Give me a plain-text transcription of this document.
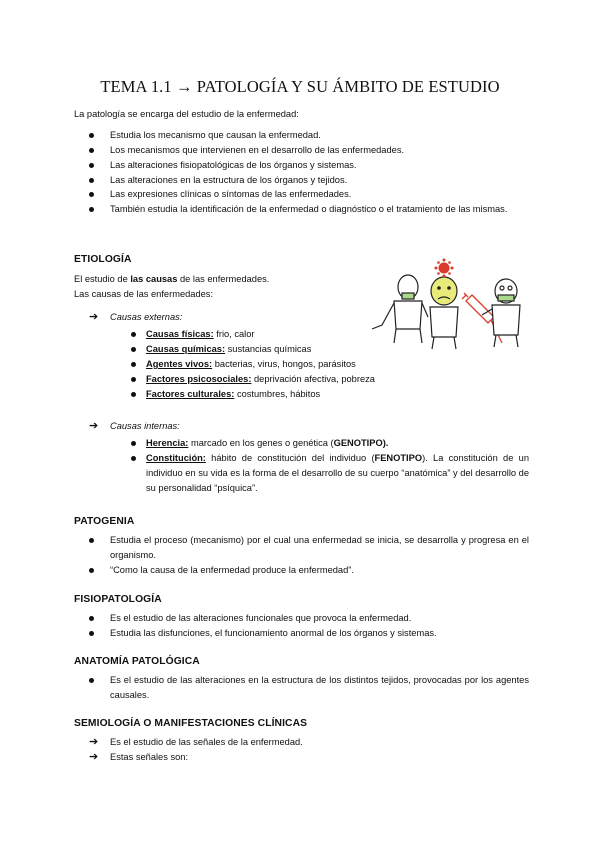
TEMA 1.1 → PATOLOGÍA Y SU ÁMBITO DE ESTUDIO

La patología se encarga del estudio de la enfermedad:

Estudia los mecanismo que causan la enfermedad.
Los mecanismos que intervienen en el desarrollo de las enfermedades.
Las alteraciones fisiopatológicas de los órganos y sistemas.
Las alteraciones en la estructura de los órganos y tejidos.
Las expresiones clínicas o síntomas de las enfermedades.
También estudia la identificación de la enfermedad o diagnóstico o el tratamiento de las mismas.
ETIOLOGÍA

El estudio de las causas de las enfermedades.

Las causas de las enfermedades:

➔ Causas externas:
Causas físicas: frio, calor
Causas químicas: sustancias químicas
Agentes vivos: bacterias, virus, hongos, parásitos
Factores psicosociales: deprivación afectiva, pobreza
Factores culturales: costumbres, hábitos
➔ Causas internas:
Herencia: marcado en los genes o genética (GENOTIPO).
Constitución: hábito de constitución del individuo (FENOTIPO). La constitución de un individuo en su vida es la forma de el desarrollo de su cuerpo “anatómica” y del desarrollo de su personalidad “psíquica”.
PATOGENIA
Estudia el proceso (mecanismo) por el cual una enfermedad se inicia, se desarrolla y progresa en el organismo.
“Como la causa de la enfermedad produce la enfermedad”.
FISIOPATOLOGÍA
Es el estudio de las alteraciones funcionales que provoca la enfermedad.
Estudia las disfunciones, el funcionamiento anormal de los órganos y sistemas.
ANATOMÍA PATOLÓGICA
Es el estudio de las alteraciones en la estructura de los distintos tejidos, provocadas por los agentes causales.
SEMIOLOGÍA O MANIFESTACIONES CLÍNICAS
➔ Es el estudio de las señales de la enfermedad.
➔ Estas señales son:
